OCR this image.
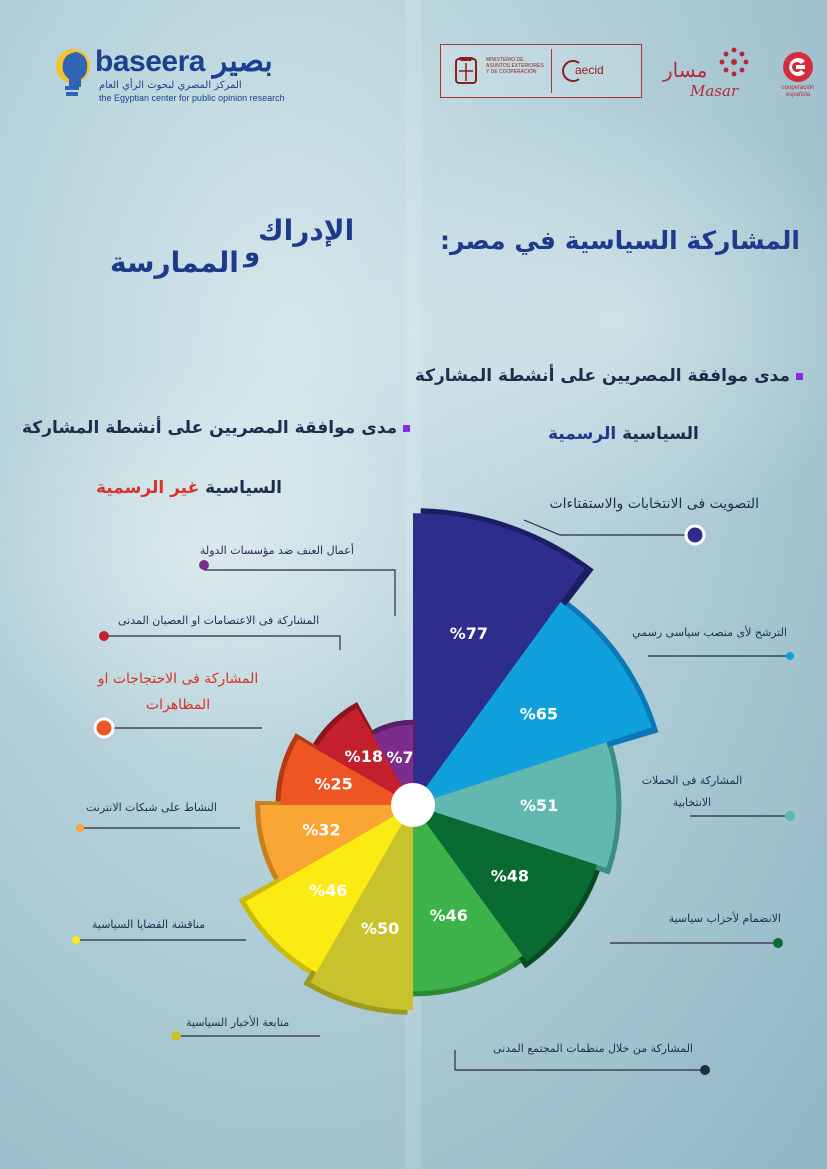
baseera بصير
المركز المصري لبحوث الرأي العام
the Egyptian center for public opinion research
MINISTERIO DE ASUNTOS EXTERIORES Y DE COOPERACIÓN	aecid	مسار
Masar	cooperación española
المشاركة السياسية في مصر:
الإدراك
و
الممارسة
مدى موافقة المصريين على أنشطة المشاركة
السياسية الرسمية
مدى موافقة المصريين على أنشطة المشاركة
السياسية غير الرسمية
التصويت فى الانتخابات والاستفتاءات
الترشح لأى منصب سياسى رسمي
المشاركة فى الحملات الانتخابية
الانضمام لأحزاب سياسية
المشاركة من خلال منظمات المجتمع المدنى
أعمال العنف ضد مؤسسات الدولة
المشاركة فى الاعتصامات او العصيان المدنى
المشاركة فى الاحتجاجات او المظاهرات
النشاط على شبكات الانترنت
مناقشة القضايا السياسية
متابعة الأخبار السياسية
%77
%65
%51
%48
%46
%50
%46
%32
%25
%18 %7
